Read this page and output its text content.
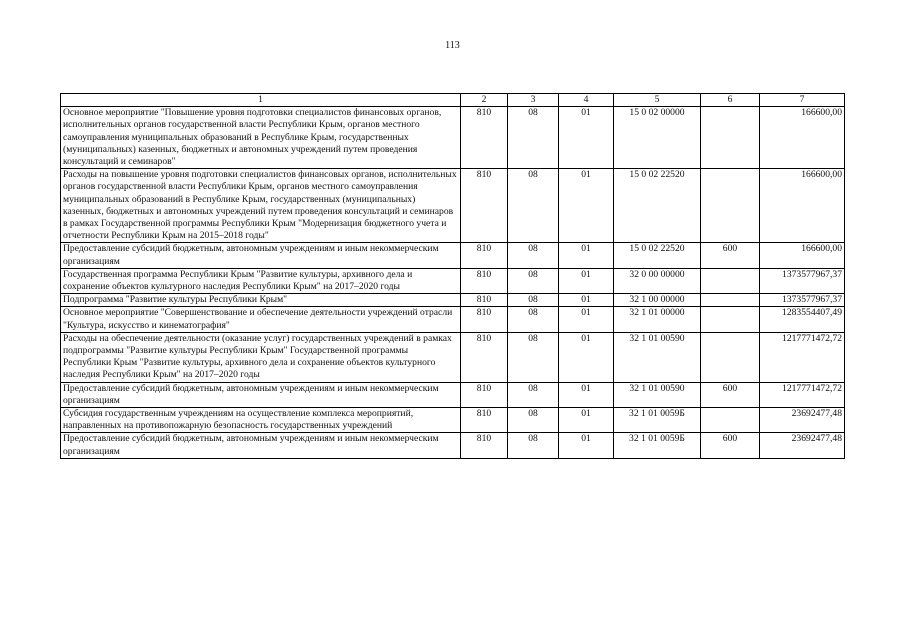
113
1	2	3	4	5	6	7
Основное мероприятие "Повышение уровня подготовки специалистов финансовых органов, исполнительных органов государственной власти Республики Крым, органов местного самоуправления муниципальных образований в Республике Крым, государственных (муниципальных) казенных, бюджетных и автономных учреждений путем проведения консультаций и семинаров"	810	08	01	15 0 02 00000		166600,00
Расходы на повышение уровня подготовки специалистов финансовых органов, исполнительных органов государственной власти Республики Крым, органов местного самоуправления муниципальных образований в Республике Крым, государственных (муниципальных) казенных, бюджетных и автономных учреждений путем проведения консультаций и семинаров в рамках Государственной программы Республики Крым "Модернизация бюджетного учета и отчетности Республики Крым на 2015–2018 годы"	810	08	01	15 0 02 22520		166600,00
Предоставление субсидий бюджетным, автономным учреждениям и иным некоммерческим организациям	810	08	01	15 0 02 22520	600	166600,00
Государственная программа Республики Крым "Развитие культуры, архивного дела и сохранение объектов культурного наследия Республики Крым" на 2017–2020 годы	810	08	01	32 0 00 00000		1373577967,37
Подпрограмма "Развитие культуры Республики Крым"	810	08	01	32 1 00 00000		1373577967,37
Основное мероприятие "Совершенствование и обеспечение деятельности учреждений отрасли "Культура, искусство и кинематография"	810	08	01	32 1 01 00000		1283554407,49
Расходы на обеспечение деятельности (оказание услуг) государственных учреждений в рамках подпрограммы "Развитие культуры Республики Крым" Государственной программы Республики Крым "Развитие культуры, архивного дела и сохранение объектов культурного наследия Республики Крым" на 2017–2020 годы	810	08	01	32 1 01 00590		1217771472,72
Предоставление субсидий бюджетным, автономным учреждениям и иным некоммерческим организациям	810	08	01	32 1 01 00590	600	1217771472,72
Субсидия государственным учреждениям на осуществление комплекса мероприятий, направленных на противопожарную безопасность государственных учреждений	810	08	01	32 1 01 0059Б		23692477,48
Предоставление субсидий бюджетным, автономным учреждениям и иным некоммерческим организациям	810	08	01	32 1 01 0059Б	600	23692477,48
